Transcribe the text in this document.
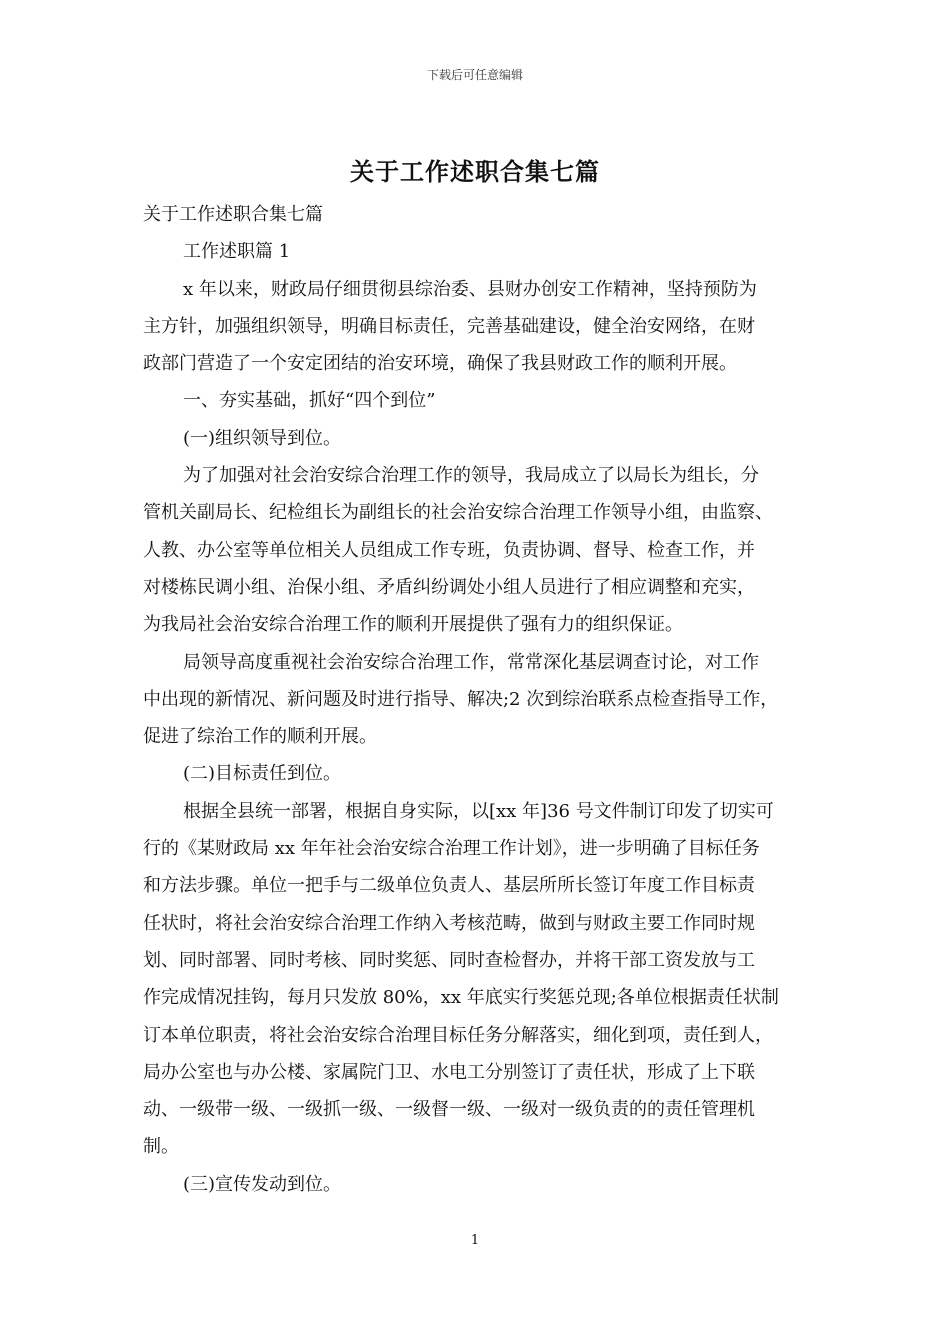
下载后可任意编辑
关于工作述职合集七篇
关于工作述职合集七篇
工作述职篇 1
x 年以来，财政局仔细贯彻县综治委、县财办创安工作精神，坚持预防为
主方针，加强组织领导，明确目标责任，完善基础建设，健全治安网络，在财
政部门营造了一个安定团结的治安环境，确保了我县财政工作的顺利开展。
一、夯实基础，抓好“四个到位”
(一)组织领导到位。
为了加强对社会治安综合治理工作的领导，我局成立了以局长为组长，分
管机关副局长、纪检组长为副组长的社会治安综合治理工作领导小组，由监察、
人教、办公室等单位相关人员组成工作专班，负责协调、督导、检查工作，并
对楼栋民调小组、治保小组、矛盾纠纷调处小组人员进行了相应调整和充实，
为我局社会治安综合治理工作的顺利开展提供了强有力的组织保证。
局领导高度重视社会治安综合治理工作，常常深化基层调查讨论，对工作
中出现的新情况、新问题及时进行指导、解决;2 次到综治联系点检查指导工作，
促进了综治工作的顺利开展。
(二)目标责任到位。
根据全县统一部署，根据自身实际，以[xx 年]36 号文件制订印发了切实可
行的《某财政局 xx 年年社会治安综合治理工作计划》，进一步明确了目标任务
和方法步骤。单位一把手与二级单位负责人、基层所所长签订年度工作目标责
任状时，将社会治安综合治理工作纳入考核范畴，做到与财政主要工作同时规
划、同时部署、同时考核、同时奖惩、同时查检督办，并将干部工资发放与工
作完成情况挂钩，每月只发放 80%，xx 年底实行奖惩兑现;各单位根据责任状制
订本单位职责，将社会治安综合治理目标任务分解落实，细化到项，责任到人，
局办公室也与办公楼、家属院门卫、水电工分别签订了责任状，形成了上下联
动、一级带一级、一级抓一级、一级督一级、一级对一级负责的的责任管理机
制。
(三)宣传发动到位。
1
